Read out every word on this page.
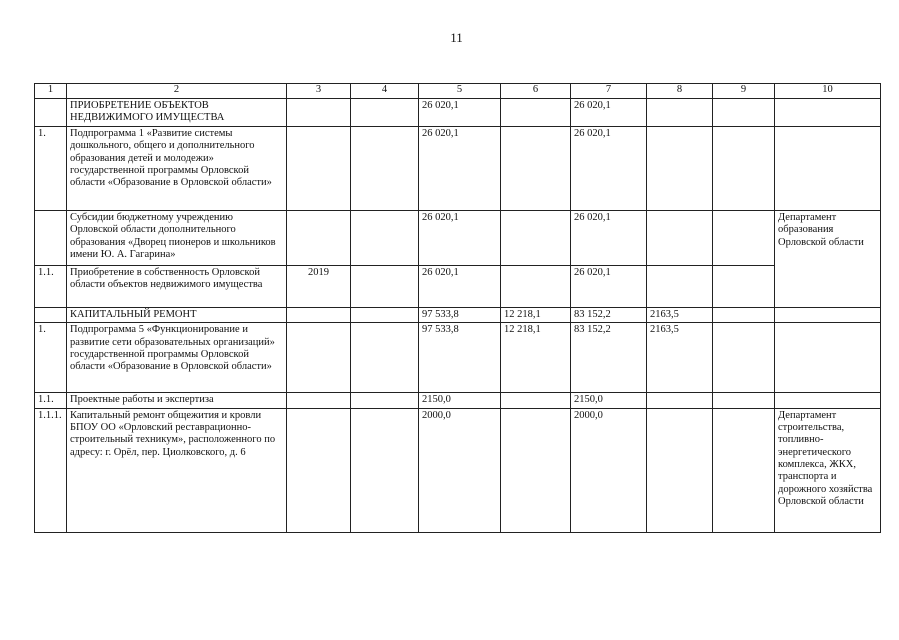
11
1	2	3	4	5	6	7	8	9	10
	ПРИОБРЕТЕНИЕ ОБЪЕКТОВ НЕДВИЖИМОГО ИМУЩЕСТВА			26 020,1		26 020,1			
1.	Подпрограмма 1 «Развитие системы дошкольного, общего и дополнительного образования детей и молодежи» государственной программы Орловской области «Образование в Орловской области»			26 020,1		26 020,1			
	Субсидии бюджетному учреждению Орловской области дополнительного образования «Дворец пионеров и школьников имени Ю. А. Гагарина»			26 020,1		26 020,1			Департамент образования Орловской области
1.1.	Приобретение в собственность Орловской области объектов недвижимого имущества	2019		26 020,1		26 020,1			
	КАПИТАЛЬНЫЙ РЕМОНТ			97 533,8	12 218,1	83 152,2	2163,5		
1.	Подпрограмма 5 «Функционирование и развитие сети образовательных организаций» государственной программы Орловской области «Образование в Орловской области»			97 533,8	12 218,1	83 152,2	2163,5		
1.1.	Проектные работы и экспертиза			2150,0		2150,0			
1.1.1.	Капитальный ремонт общежития и кровли БПОУ ОО «Орловский реставрационно-строительный техникум», расположенного по адресу: г. Орёл, пер. Циолковского, д. 6			2000,0		2000,0			Департамент строительства, топливно-энергетического комплекса, ЖКХ, транспорта и дорожного хозяйства Орловской области
